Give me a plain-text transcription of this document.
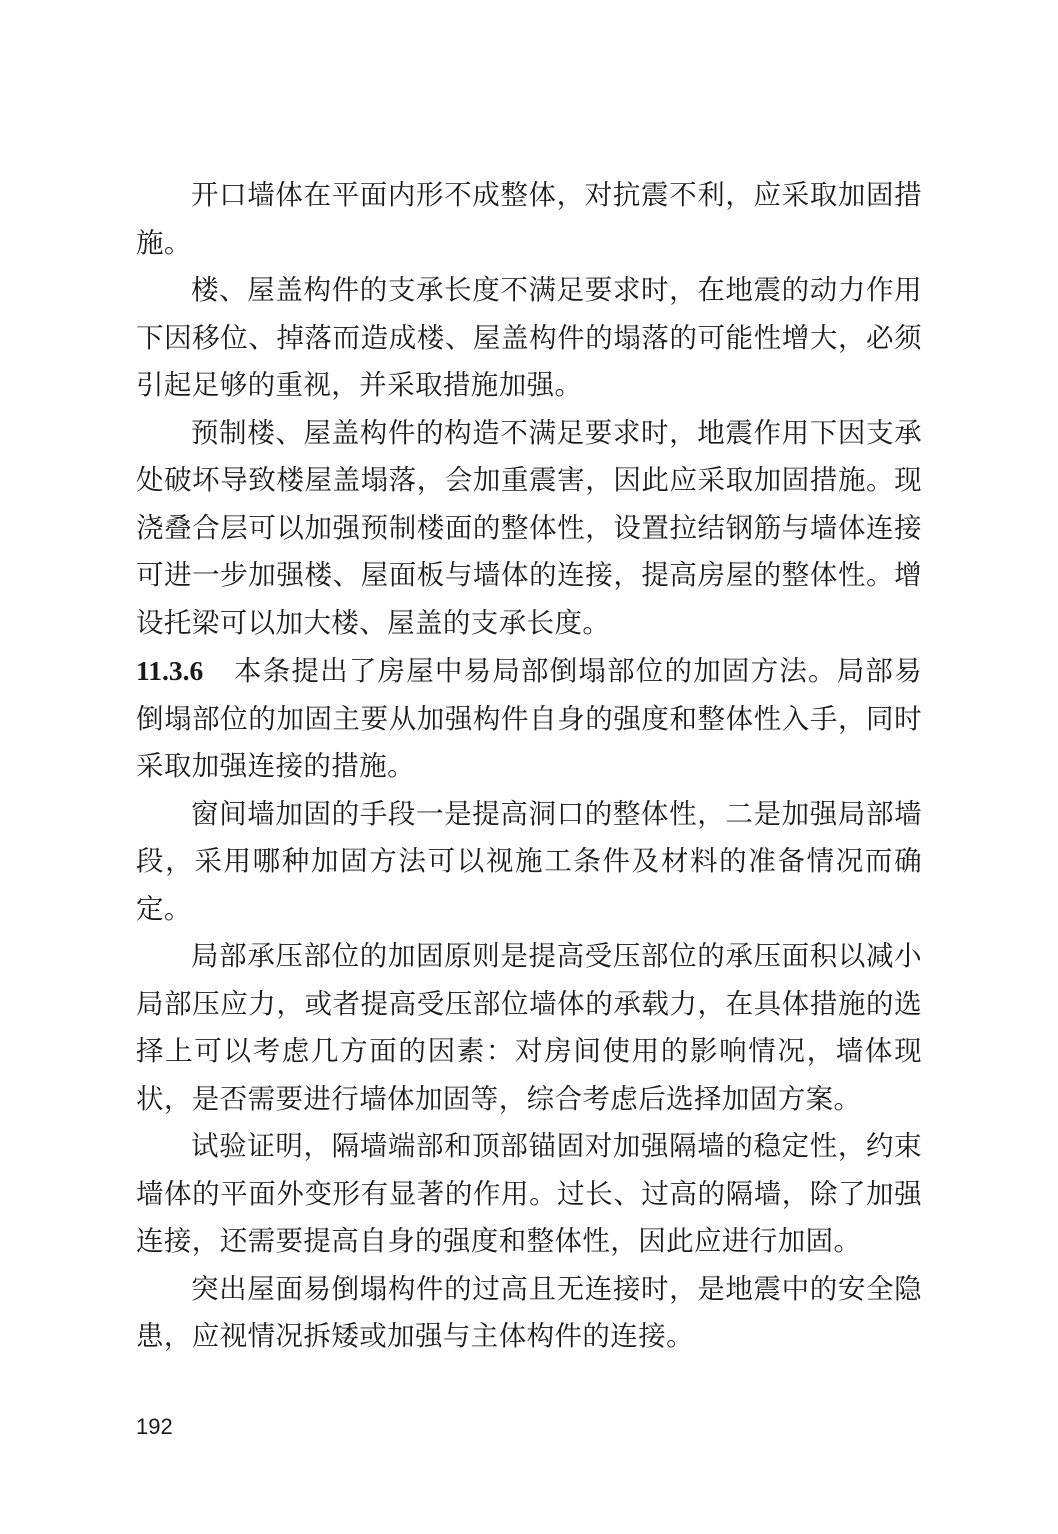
开口墙体在平面内形不成整体，对抗震不利，应采取加固措施。

楼、屋盖构件的支承长度不满足要求时，在地震的动力作用下因移位、掉落而造成楼、屋盖构件的塌落的可能性增大，必须引起足够的重视，并采取措施加强。

预制楼、屋盖构件的构造不满足要求时，地震作用下因支承处破坏导致楼屋盖塌落，会加重震害，因此应采取加固措施。现浇叠合层可以加强预制楼面的整体性，设置拉结钢筋与墙体连接可进一步加强楼、屋面板与墙体的连接，提高房屋的整体性。增设托梁可以加大楼、屋盖的支承长度。

11.3.6 本条提出了房屋中易局部倒塌部位的加固方法。局部易倒塌部位的加固主要从加强构件自身的强度和整体性入手，同时采取加强连接的措施。

窗间墙加固的手段一是提高洞口的整体性，二是加强局部墙段，采用哪种加固方法可以视施工条件及材料的准备情况而确定。

局部承压部位的加固原则是提高受压部位的承压面积以减小局部压应力，或者提高受压部位墙体的承载力，在具体措施的选择上可以考虑几方面的因素：对房间使用的影响情况，墙体现状，是否需要进行墙体加固等，综合考虑后选择加固方案。

试验证明，隔墙端部和顶部锚固对加强隔墙的稳定性，约束墙体的平面外变形有显著的作用。过长、过高的隔墙，除了加强连接，还需要提高自身的强度和整体性，因此应进行加固。

突出屋面易倒塌构件的过高且无连接时，是地震中的安全隐患，应视情况拆矮或加强与主体构件的连接。

192
